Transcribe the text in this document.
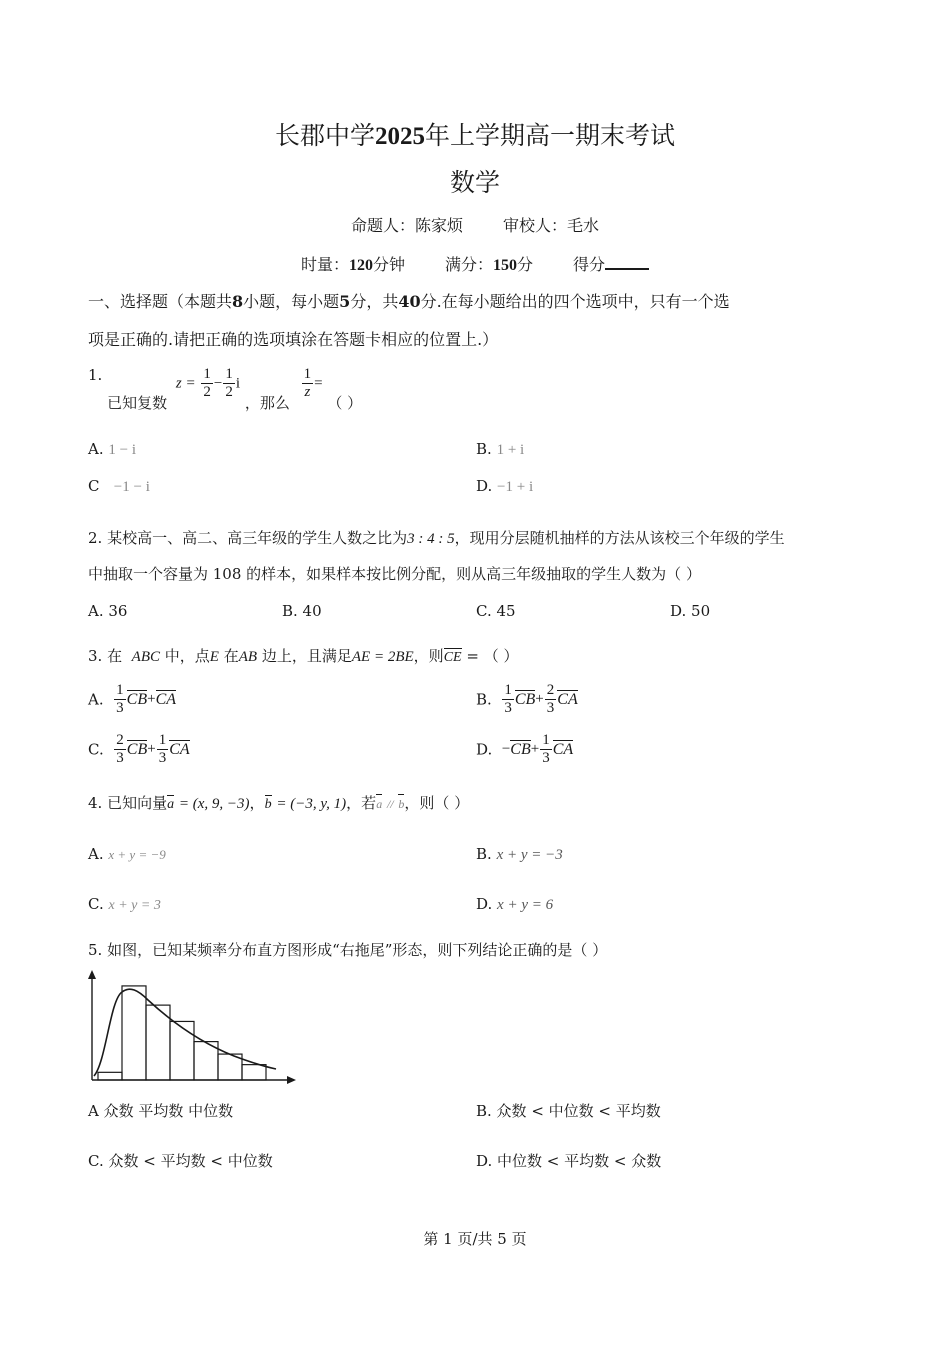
长郡中学2025年上学期高一期末考试
数学
命题人：陈家烦	审校人：毛水
时量：120分钟	满分：150分	得分
一、选择题（本题共8小题，每小题5分，共40分.在每小题给出的四个选项中，只有一个选
项是正确的.请把正确的选项填涂在答题卡相应的位置上.）
1. 已知复数 $z = \frac{1}{2} - \frac{1}{2}$ i ，那么
$\frac{1}{z}$ = （ ）
A. 1 − i	B. 1 + i
C −1 − i	D. −1 + i
2. 某校高一、高二、高三年级的学生人数之比为3 : 4 : 5，现用分层随机抽样的方法从该校三个年级的学生
中抽取一个容量为 108 的样本，如果样本按比例分配，则从高三年级抽取的学生人数为（ ）
A. 36	B. 40	C. 45	D. 50
3. 在 ABC 中，点E 在AB 边上，且满足AE = 2BE，则CE = （ ）
A. $\frac{1}{3} CB+CA$	B. $\frac{1}{3} CB+ \frac{2}{3}$ CA
C. $\frac{2}{3} CB+ \frac{1}{3}$ CA	D. $-CB+ \frac{1}{3}$ CA
4. 已知向量a = (x, 9, −3)，b = (−3, y, 1)，若a // b，则（ ）
A. x + y = −9	B. x + y = −3
C. x + y = 3	D. x + y = 6
5. 如图，已知某频率分布直方图形成“右拖尾”形态，则下列结论正确的是（ ）
A 众数 平均数 中位数	B. 众数 < 中位数 < 平均数
C. 众数 < 平均数 < 中位数	D. 中位数 < 平均数 < 众数
第 1 页/共 5 页
